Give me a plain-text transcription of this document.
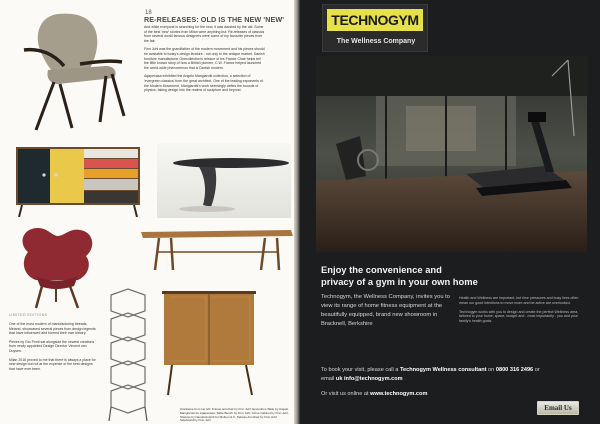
18
RE-RELEASES: OLD IS THE NEW 'NEW'

And while everyone is searching for the new, it was dazzled by the old. Some of the best 'new' stories from Milan were anything but. Re-releases of classics from several world famous designers were some of my favourite pieces from the fair.

Finn Juhl was the grandfather of the modern movement and his pieces should be available to today's design lerature - not only to the antique market. Danish furniture manufacturer Onecollection's reissue of his France Chair helps tell the little known story of how a British pioneer, C.W. France helped launched the world-wide phenomenon that is Danish modern.

Agapecasa exhibited the Angelo Mangiarotti collection, a selection of 'evergreen classics' from the great architect. One of the leading exponents of the Modern Movement, Mangiarotti's work seemingly defies the bounds of physics, taking design into the realms of sculpture and beyond.

LIMITED EDITIONS

One of the most modern of manufacturing threads, Meland, showcased several pieces from design legends that have influenced and formed their own history.

Pieces by Gio Ponti sat alongside the newest creations from newly appointed Design Director Vincent van Duysen.

Milan 2016 proved to me that there is always a place for new design but not at the expense of the best designs that have ever been.

Clockwise from top left: France armchair by Finn Juhl; Eccentrico Table by Angelo Mangiarotti for Agapecasa; Table Bench by Finn Juhl; Glove Cabinet by Finn Juhl; Shelves by Nendo/Anstritt for Molteni & C; Pelican Armchair by Finn Juhl; Sideboard by Finn Juhl
TECHNOGYM
The Wellness Company
Enjoy the convenience and
privacy of a gym in your own home
Technogym, the Wellness Company, invites you to view its range of home fitness equipment at the beautifully equipped, brand new showroom in Bracknell, Berkshire

Health and Wellness are important, but time pressures and busy lives often mean our good intentions to move more and be active are overlooked.

Technogym works with you to design and create the perfect Wellness area, tailored to your home, space, budget and - most importantly - you and your family's health goals.

To book your visit, please call a Technogym Wellness consultant on 0800 316 2496 or
email uk info@technogym.com
Or visit us online at www.technogym.com
Email Us
